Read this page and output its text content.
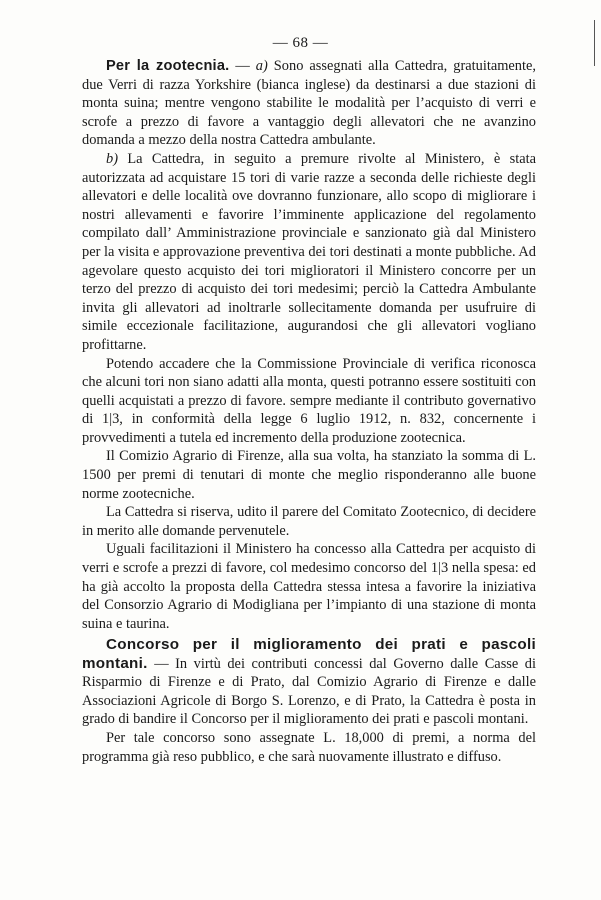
— 68 —

Per la zootecnia. — a) Sono assegnati alla Cattedra, gratuitamente, due Verri di razza Yorkshire (bianca inglese) da destinarsi a due stazioni di monta suina; mentre vengono stabilite le modalità per l’acquisto di verri e scrofe a prezzo di favore a vantaggio degli allevatori che ne avanzino domanda a mezzo della nostra Cattedra ambulante.

b) La Cattedra, in seguito a premure rivolte al Ministero, è stata autorizzata ad acquistare 15 tori di varie razze a seconda delle richieste degli allevatori e delle località ove dovranno funzionare, allo scopo di migliorare i nostri allevamenti e favorire l’imminente applicazione del regolamento compilato dall’ Amministrazione provinciale e sanzionato già dal Ministero per la visita e approvazione preventiva dei tori destinati a monte pubbliche. Ad agevolare questo acquisto dei tori miglioratori il Ministero concorre per un terzo del prezzo di acquisto dei tori medesimi; perciò la Cattedra Ambulante invita gli allevatori ad inoltrarle sollecitamente domanda per usufruire di simile eccezionale facilitazione, augurandosi che gli allevatori vogliano profittarne.

Potendo accadere che la Commissione Provinciale di verifica riconosca che alcuni tori non siano adatti alla monta, questi potranno essere sostituiti con quelli acquistati a prezzo di favore. sempre mediante il contributo governativo di 1|3, in conformità della legge 6 luglio 1912, n. 832, concernente i provvedimenti a tutela ed incremento della produzione zootecnica.

Il Comizio Agrario di Firenze, alla sua volta, ha stanziato la somma di L. 1500 per premi di tenutari di monte che meglio risponderanno alle buone norme zootecniche.

La Cattedra si riserva, udito il parere del Comitato Zootecnico, di decidere in merito alle domande pervenutele.

Uguali facilitazioni il Ministero ha concesso alla Cattedra per acquisto di verri e scrofe a prezzi di favore, col medesimo concorso del 1|3 nella spesa: ed ha già accolto la proposta della Cattedra stessa intesa a favorire la iniziativa del Consorzio Agrario di Modigliana per l’impianto di una stazione di monta suina e taurina.

Concorso per il miglioramento dei prati e pascoli montani. — In virtù dei contributi concessi dal Governo dalle Casse di Risparmio di Firenze e di Prato, dal Comizio Agrario di Firenze e dalle Associazioni Agricole di Borgo S. Lorenzo, e di Prato, la Cattedra è posta in grado di bandire il Concorso per il miglioramento dei prati e pascoli montani.

Per tale concorso sono assegnate L. 18,000 di premi, a norma del programma già reso pubblico, e che sarà nuovamente illustrato e diffuso.
